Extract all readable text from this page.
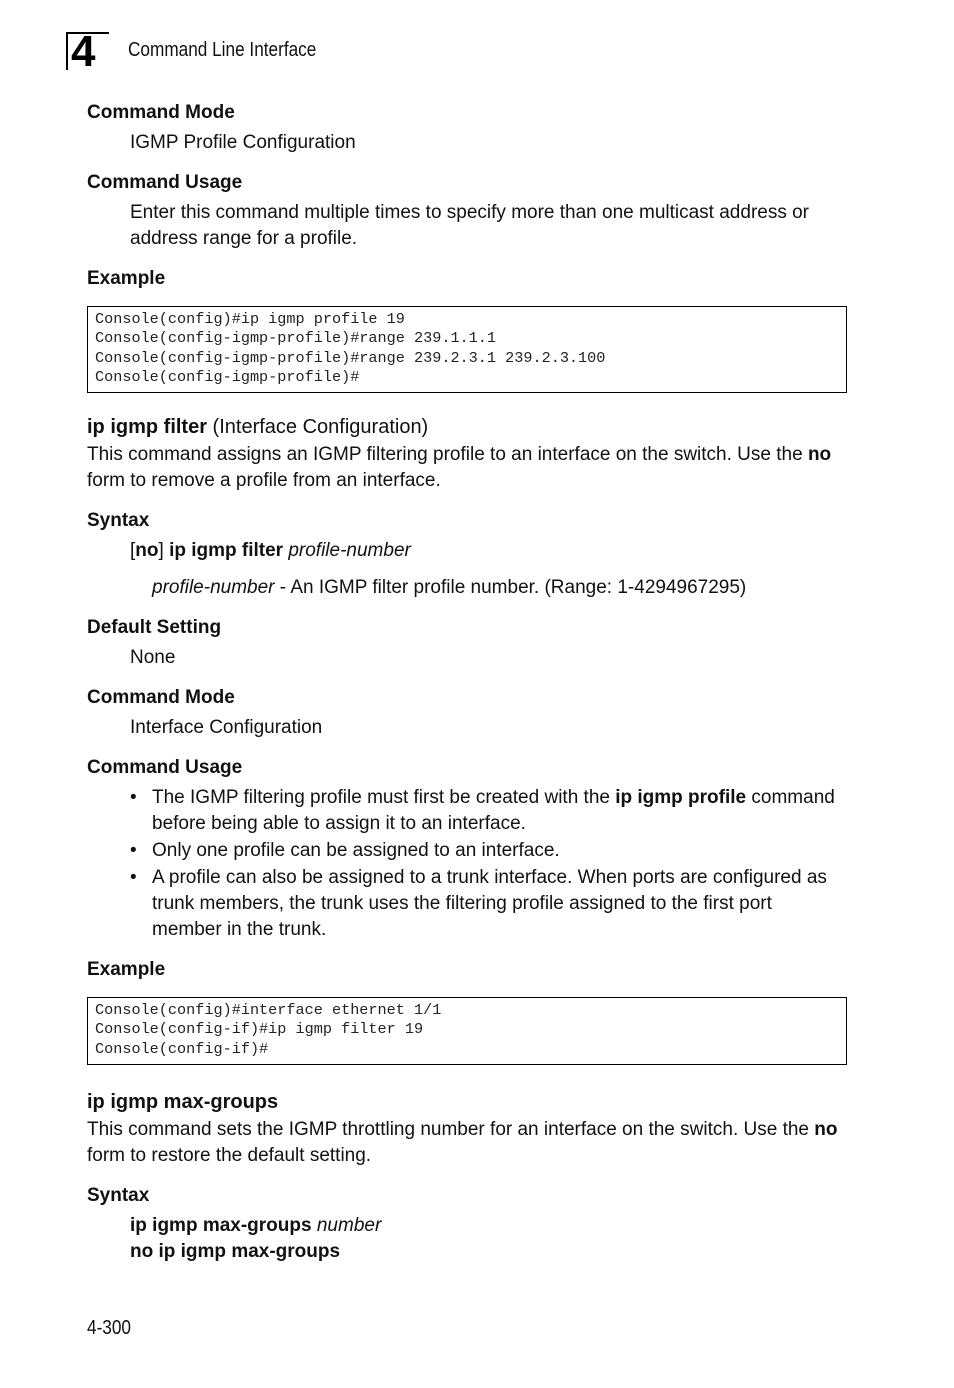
4	Command Line Interface

Command Mode

IGMP Profile Configuration

Command Usage

Enter this command multiple times to specify more than one multicast address or address range for a profile.

Example

Console(config)#ip igmp profile 19
Console(config-igmp-profile)#range 239.1.1.1
Console(config-igmp-profile)#range 239.2.3.1 239.2.3.100
Console(config-igmp-profile)#

ip igmp filter (Interface Configuration)

This command assigns an IGMP filtering profile to an interface on the switch. Use the no form to remove a profile from an interface.

Syntax

[no] ip igmp filter profile-number

profile-number - An IGMP filter profile number. (Range: 1-4294967295)

Default Setting

None

Command Mode

Interface Configuration

Command Usage

• The IGMP filtering profile must first be created with the ip igmp profile command before being able to assign it to an interface.
• Only one profile can be assigned to an interface.
• A profile can also be assigned to a trunk interface. When ports are configured as trunk members, the trunk uses the filtering profile assigned to the first port member in the trunk.

Example

Console(config)#interface ethernet 1/1
Console(config-if)#ip igmp filter 19
Console(config-if)#

ip igmp max-groups

This command sets the IGMP throttling number for an interface on the switch. Use the no form to restore the default setting.

Syntax

ip igmp max-groups number

no ip igmp max-groups

4-300
